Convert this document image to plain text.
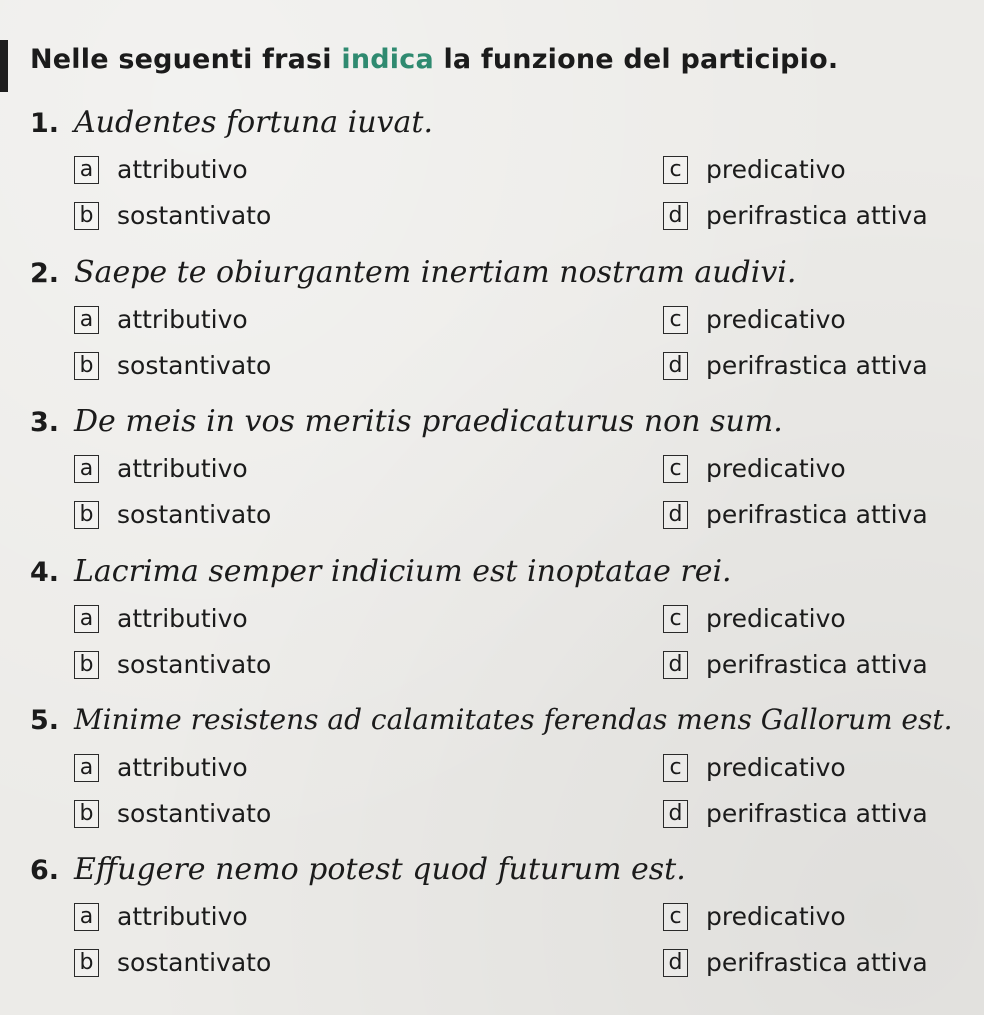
Nelle seguenti frasi indica la funzione del participio.
1. Audentes fortuna iuvat.
a attributivo	c predicativo
b sostantivato	d perifrastica attiva
2. Saepe te obiurgantem inertiam nostram audivi.
a attributivo	c predicativo
b sostantivato	d perifrastica attiva
3. De meis in vos meritis praedicaturus non sum.
a attributivo	c predicativo
b sostantivato	d perifrastica attiva
4. Lacrima semper indicium est inoptatae rei.
a attributivo	c predicativo
b sostantivato	d perifrastica attiva
5. Minime resistens ad calamitates ferendas mens Gallorum est.
a attributivo	c predicativo
b sostantivato	d perifrastica attiva
6. Effugere nemo potest quod futurum est.
a attributivo	c predicativo
b sostantivato	d perifrastica attiva
